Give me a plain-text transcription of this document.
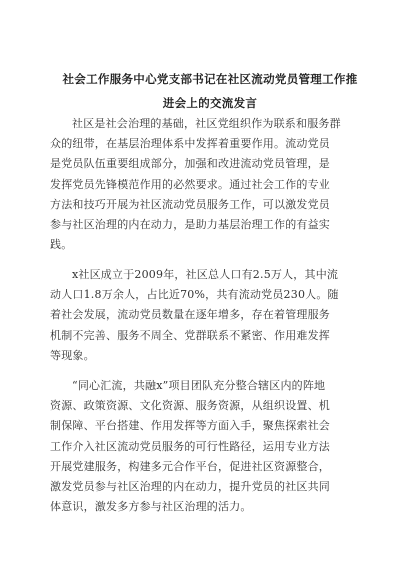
社会工作服务中心党支部书记在社区流动党员管理工作推
进会上的交流发言
社区是社会治理的基础，社区党组织作为联系和服务群
众的纽带，在基层治理体系中发挥着重要作用。流动党员
是党员队伍重要组成部分，加强和改进流动党员管理，是
发挥党员先锋模范作用的必然要求。通过社会工作的专业
方法和技巧开展为社区流动党员服务工作，可以激发党员
参与社区治理的内在动力，是助力基层治理工作的有益实
践。
x社区成立于2009年，社区总人口有2.5万人，其中流
动人口1.8万余人，占比近70%，共有流动党员230人。随
着社会发展，流动党员数量在逐年增多，存在着管理服务
机制不完善、服务不周全、党群联系不紧密、作用难发挥
等现象。
“同心汇流，共融x”项目团队充分整合辖区内的阵地
资源、政策资源、文化资源、服务资源，从组织设置、机
制保障、平台搭建、作用发挥等方面入手，聚焦探索社会
工作介入社区流动党员服务的可行性路径，运用专业方法
开展党建服务，构建多元合作平台，促进社区资源整合，
激发党员参与社区治理的内在动力，提升党员的社区共同
体意识，激发多方参与社区治理的活力。
